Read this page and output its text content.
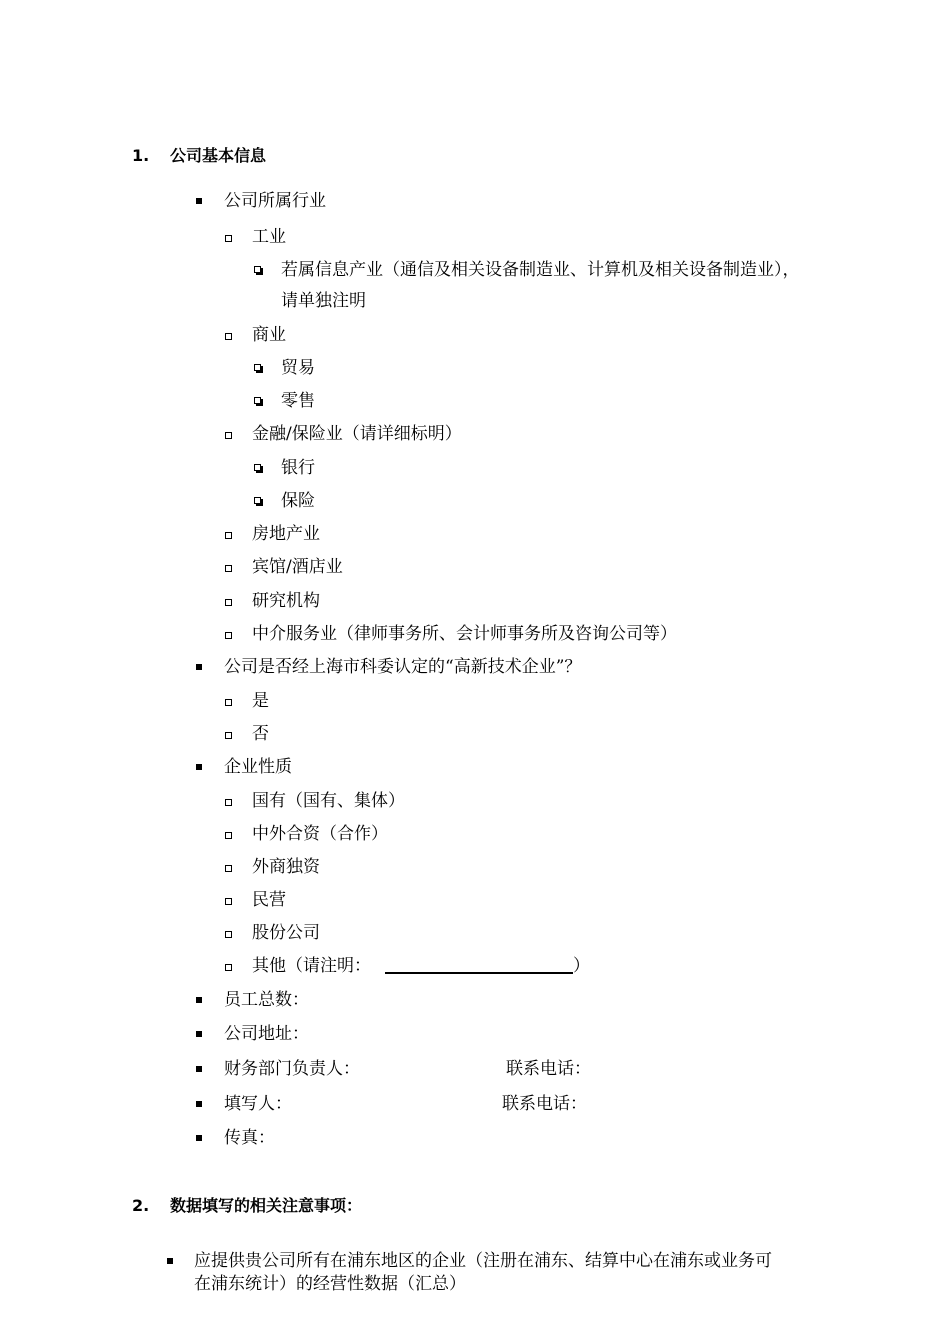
1. 公司基本信息
公司所属行业
工业
若属信息产业（通信及相关设备制造业、计算机及相关设备制造业），
请单独注明
商业
贸易
零售
金融/保险业（请详细标明）
银行
保险
房地产业
宾馆/酒店业
研究机构
中介服务业（律师事务所、会计师事务所及咨询公司等）
公司是否经上海市科委认定的“高新技术企业”？
是
否
企业性质
国有（国有、集体）
中外合资（合作）
外商独资
民营
股份公司
其他（请注明：	）
员工总数：
公司地址：
财务部门负责人：	联系电话：
填写人：	联系电话：
传真：
2. 数据填写的相关注意事项：
应提供贵公司所有在浦东地区的企业（注册在浦东、结算中心在浦东或业务可
在浦东统计）的经营性数据（汇总）
